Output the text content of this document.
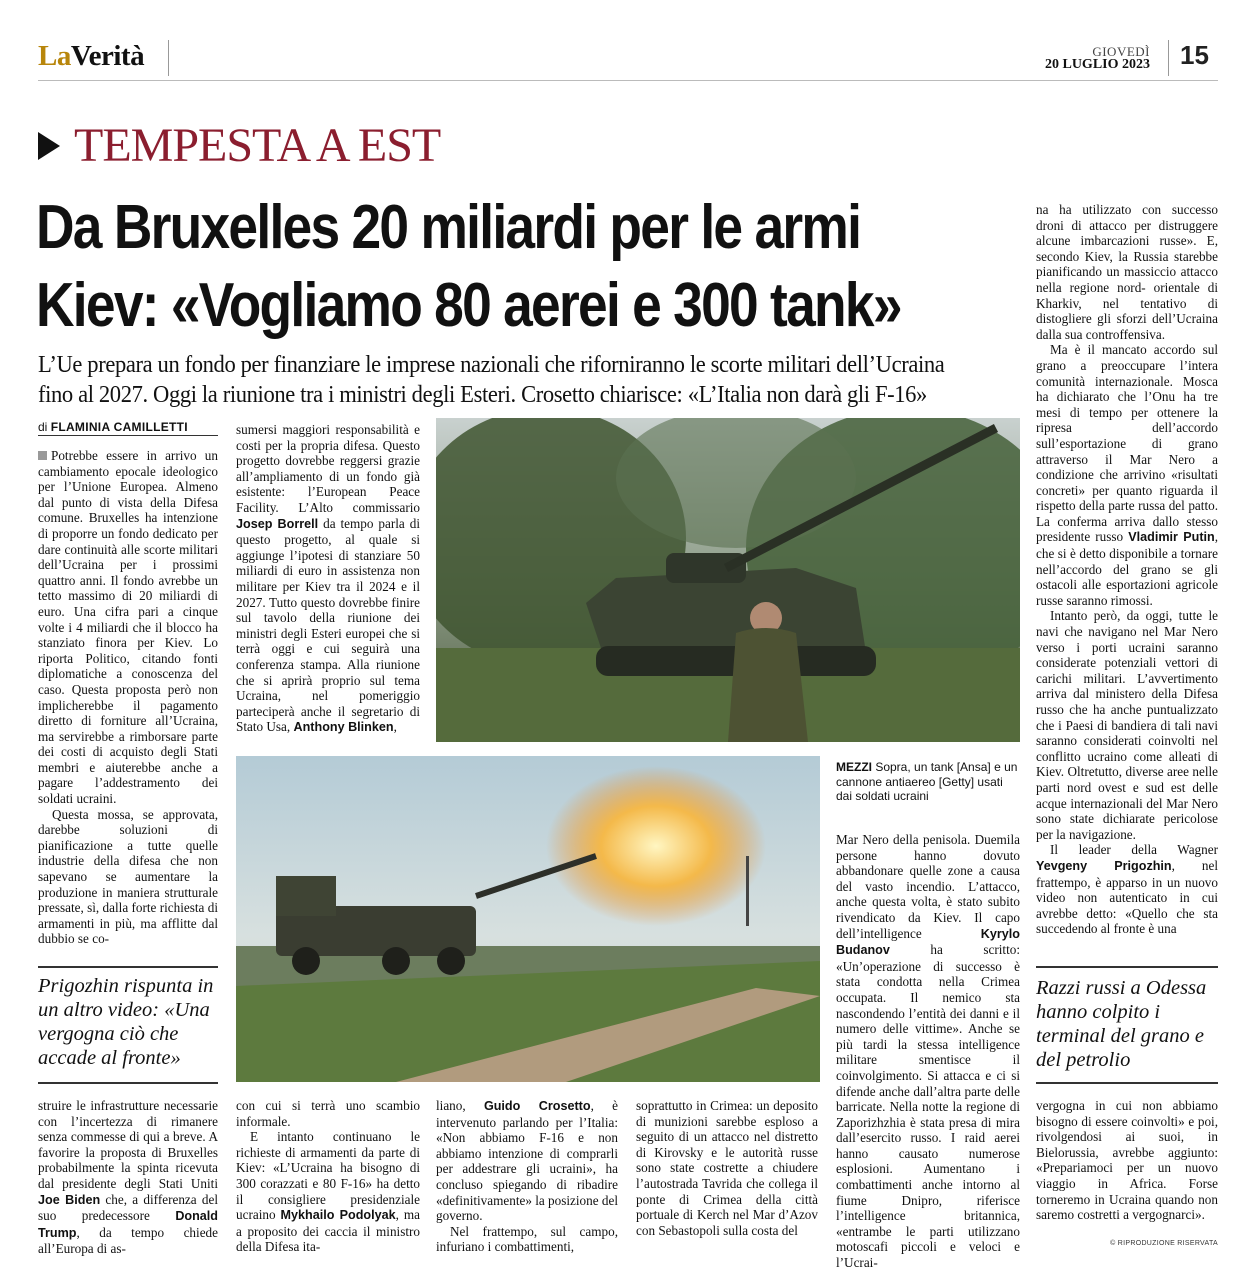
LaVerità	GIOVEDÌ
20 LUGLIO 2023 15
TEMPESTA A EST
Da Bruxelles 20 miliardi per le armi
Kiev: «Vogliamo 80 aerei e 300 tank»
L’Ue prepara un fondo per finanziare le imprese nazionali che riforniranno le scorte militari dell’Ucraina
fino al 2027. Oggi la riunione tra i ministri degli Esteri. Crosetto chiarisce: «L’Italia non darà gli F-16»
di FLAMINIA CAMILLETTI

Potrebbe essere in arrivo un cambiamento epocale ideologico per l’Unione Europea. Almeno dal punto di vista della Difesa comune. Bruxelles ha intenzione di proporre un fondo dedicato per dare continuità alle scorte militari dell’Ucraina per i prossimi quattro anni. Il fondo avrebbe un tetto massimo di 20 miliardi di euro. Una cifra pari a cinque volte i 4 miliardi che il blocco ha stanziato finora per Kiev. Lo riporta Politico, citando fonti diplomatiche a conoscenza del caso. Questa proposta però non implicherebbe il pagamento diretto di forniture all’Ucraina, ma servirebbe a rimborsare parte dei costi di acquisto degli Stati membri e aiuterebbe anche a pagare l’addestramento dei soldati ucraini.

Questa mossa, se approvata, darebbe soluzioni di pianificazione a tutte quelle industrie della difesa che non sapevano se aumentare la produzione in maniera strutturale pressate, sì, dalla forte richiesta di armamenti in più, ma afflitte dal dubbio se co-

sumersi maggiori responsabilità e costi per la propria difesa. Questo progetto dovrebbe reggersi grazie all’ampliamento di un fondo già esistente: l’European Peace Facility. L’Alto commissario Josep Borrell da tempo parla di questo progetto, al quale si aggiunge l’ipotesi di stanziare 50 miliardi di euro in assistenza non militare per Kiev tra il 2024 e il 2027. Tutto questo dovrebbe finire sul tavolo della riunione dei ministri degli Esteri europei che si terrà oggi e cui seguirà una conferenza stampa. Alla riunione che si aprirà proprio sul tema Ucraina, nel pomeriggio parteciperà anche il segretario di Stato Usa, Anthony Blinken,

MEZZI Sopra, un tank [Ansa] e un cannone antiaereo [Getty] usati dai soldati ucraini
Prigozhin rispunta in un altro video: «Una vergogna ciò che accade al fronte»

struire le infrastrutture necessarie con l’incertezza di rimanere senza commesse di qui a breve. A favorire la proposta di Bruxelles probabilmente la spinta ricevuta dal presidente degli Stati Uniti Joe Biden che, a differenza del suo predecessore Donald Trump, da tempo chiede all’Europa di as-

con cui si terrà uno scambio informale.

E intanto continuano le richieste di armamenti da parte di Kiev: «L’Ucraina ha bisogno di 300 corazzati e 80 F-16» ha detto il consigliere presidenziale ucraino Mykhailo Podolyak, ma a proposito dei caccia il ministro della Difesa ita-

liano, Guido Crosetto, è intervenuto parlando per l’Italia: «Non abbiamo F-16 e non abbiamo intenzione di comprarli per addestrare gli ucraini», ha concluso spiegando di ribadire «definitivamente» la posizione del governo.

Nel frattempo, sul campo, infuriano i combattimenti,

soprattutto in Crimea: un deposito di munizioni sarebbe esploso a seguito di un attacco nel distretto di Kirovsky e le autorità russe sono state costrette a chiudere l’autostrada Tavrida che collega il ponte di Crimea della città portuale di Kerch nel Mar d’Azov con Sebastopoli sulla costa del

Mar Nero della penisola. Duemila persone hanno dovuto abbandonare quelle zone a causa del vasto incendio. L’attacco, anche questa volta, è stato subito rivendicato da Kiev. Il capo dell’intelligence Kyrylo Budanov ha scritto: «Un’operazione di successo è stata condotta nella Crimea occupata. Il nemico sta nascondendo l’entità dei danni e il numero delle vittime». Anche se più tardi la stessa intelligence militare smentisce il coinvolgimento. Si attacca e ci si difende anche dall’altra parte delle barricate. Nella notte la regione di Zaporizhzhia è stata presa di mira dall’esercito russo. I raid aerei hanno causato numerose esplosioni. Aumentano i combattimenti anche intorno al fiume Dnipro, riferisce l’intelligence britannica, «entrambe le parti utilizzano motoscafi piccoli e veloci e l’Ucrai-

na ha utilizzato con successo droni di attacco per distruggere alcune imbarcazioni russe». E, secondo Kiev, la Russia starebbe pianificando un massiccio attacco nella regione nord- orientale di Kharkiv, nel tentativo di distogliere gli sforzi dell’Ucraina dalla sua controffensiva.

Ma è il mancato accordo sul grano a preoccupare l’intera comunità internazionale. Mosca ha dichiarato che l’Onu ha tre mesi di tempo per ottenere la ripresa dell’accordo sull’esportazione di grano attraverso il Mar Nero a condizione che arrivino «risultati concreti» per quanto riguarda il rispetto della parte russa del patto. La conferma arriva dallo stesso presidente russo Vladimir Putin, che si è detto disponibile a tornare nell’accordo del grano se gli ostacoli alle esportazioni agricole russe saranno rimossi.

Intanto però, da oggi, tutte le navi che navigano nel Mar Nero verso i porti ucraini saranno considerate potenziali vettori di carichi militari. L’avvertimento arriva dal ministero della Difesa russo che ha anche puntualizzato che i Paesi di bandiera di tali navi saranno considerati coinvolti nel conflitto ucraino come alleati di Kiev. Oltretutto, diverse aree nelle parti nord ovest e sud est delle acque internazionali del Mar Nero sono state dichiarate pericolose per la navigazione.

Il leader della Wagner Yevgeny Prigozhin, nel frattempo, è apparso in un nuovo video non autenticato in cui avrebbe detto: «Quello che sta succedendo al fronte è una

Razzi russi a Odessa hanno colpito i terminal del grano e del petrolio

vergogna in cui non abbiamo bisogno di essere coinvolti» e poi, rivolgendosi ai suoi, in Bielorussia, avrebbe aggiunto: «Prepariamoci per un nuovo viaggio in Africa. Forse torneremo in Ucraina quando non saremo costretti a vergognarci».

© RIPRODUZIONE RISERVATA
